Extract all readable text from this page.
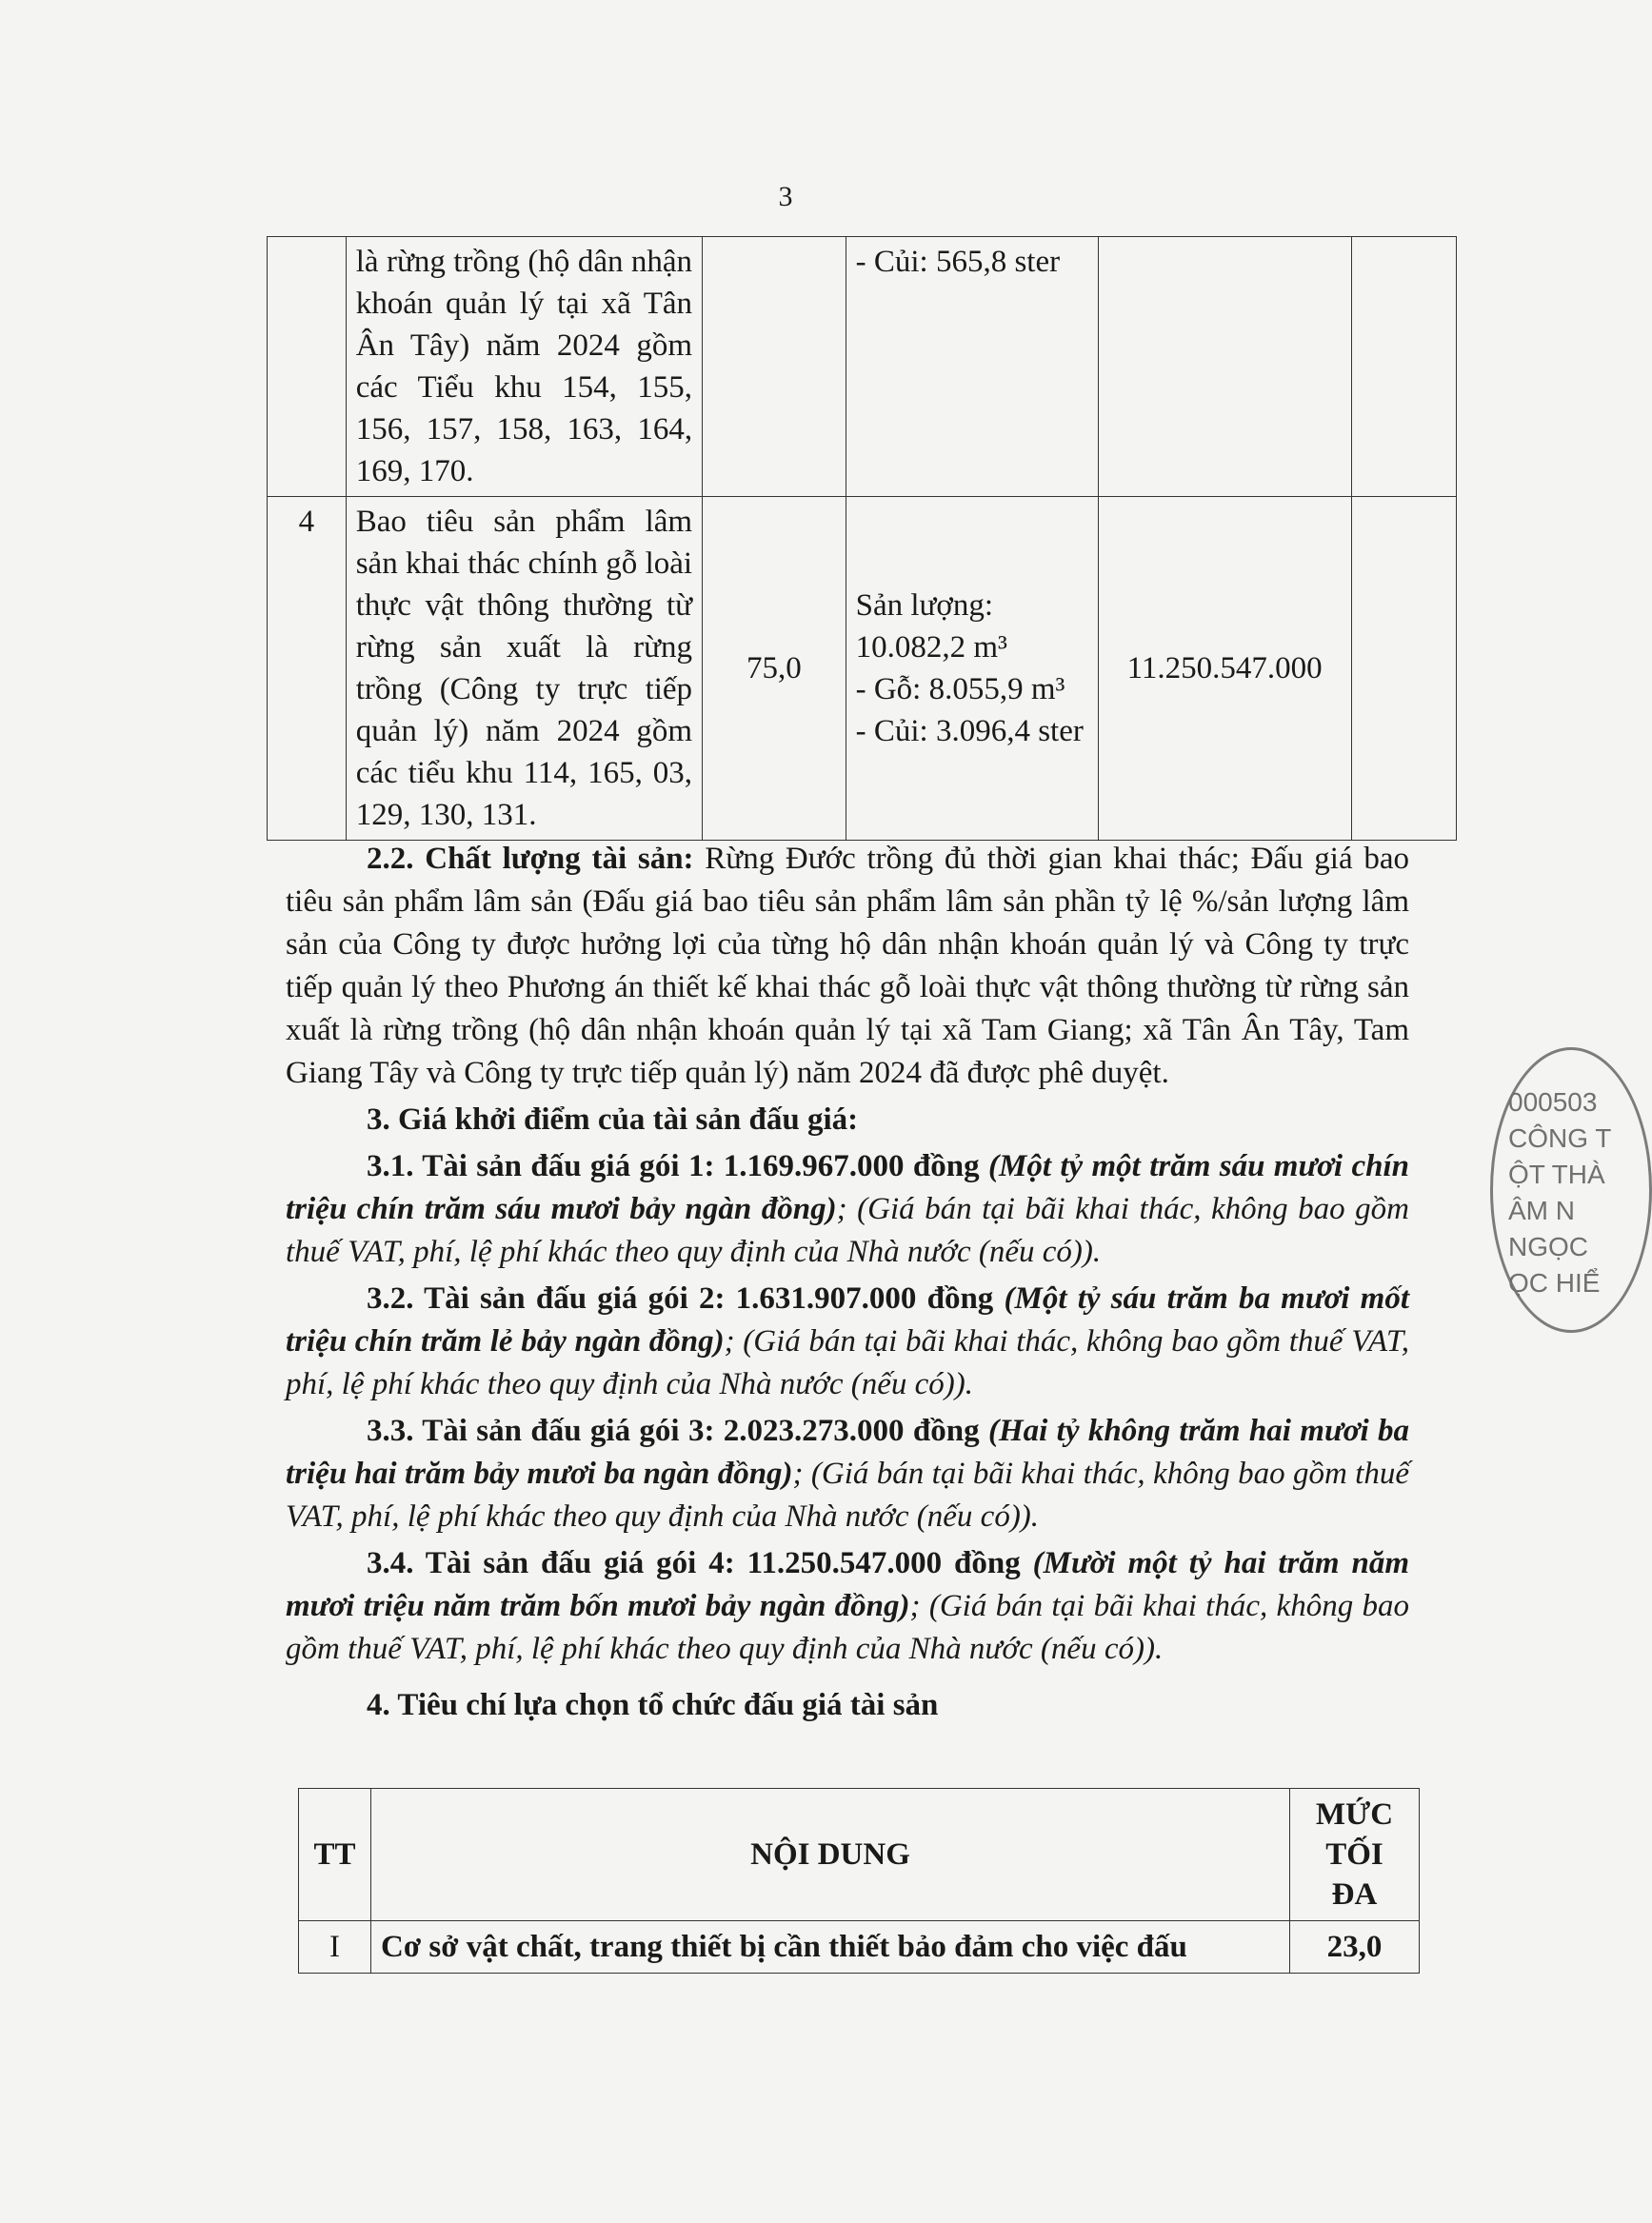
3
	là rừng trồng (hộ dân nhận khoán quản lý tại xã Tân Ân Tây) năm 2024 gồm các Tiểu khu 154, 155, 156, 157, 158, 163, 164, 169, 170.		- Củi: 565,8 ster		

4	Bao tiêu sản phẩm lâm sản khai thác chính gỗ loài thực vật thông thường từ rừng sản xuất là rừng trồng (Công ty trực tiếp quản lý) năm 2024 gồm các tiểu khu 114, 165, 03, 129, 130, 131.	75,0	Sản lượng: 10.082,2 m³
- Gỗ: 8.055,9 m³
- Củi: 3.096,4 ster	11.250.547.000	

2.2. Chất lượng tài sản: Rừng Đước trồng đủ thời gian khai thác; Đấu giá bao tiêu sản phẩm lâm sản (Đấu giá bao tiêu sản phẩm lâm sản phần tỷ lệ %/sản lượng lâm sản của Công ty được hưởng lợi của từng hộ dân nhận khoán quản lý và Công ty trực tiếp quản lý theo Phương án thiết kế khai thác gỗ loài thực vật thông thường từ rừng sản xuất là rừng trồng (hộ dân nhận khoán quản lý tại xã Tam Giang; xã Tân Ân Tây, Tam Giang Tây và Công ty trực tiếp quản lý) năm 2024 đã được phê duyệt.

3. Giá khởi điểm của tài sản đấu giá:

3.1. Tài sản đấu giá gói 1: 1.169.967.000 đồng (Một tỷ một trăm sáu mươi chín triệu chín trăm sáu mươi bảy ngàn đồng); (Giá bán tại bãi khai thác, không bao gồm thuế VAT, phí, lệ phí khác theo quy định của Nhà nước (nếu có)).

3.2. Tài sản đấu giá gói 2: 1.631.907.000 đồng (Một tỷ sáu trăm ba mươi mốt triệu chín trăm lẻ bảy ngàn đồng); (Giá bán tại bãi khai thác, không bao gồm thuế VAT, phí, lệ phí khác theo quy định của Nhà nước (nếu có)).

3.3. Tài sản đấu giá gói 3: 2.023.273.000 đồng (Hai tỷ không trăm hai mươi ba triệu hai trăm bảy mươi ba ngàn đồng); (Giá bán tại bãi khai thác, không bao gồm thuế VAT, phí, lệ phí khác theo quy định của Nhà nước (nếu có)).

3.4. Tài sản đấu giá gói 4: 11.250.547.000 đồng (Mười một tỷ hai trăm năm mươi triệu năm trăm bốn mươi bảy ngàn đồng); (Giá bán tại bãi khai thác, không bao gồm thuế VAT, phí, lệ phí khác theo quy định của Nhà nước (nếu có)).

4. Tiêu chí lựa chọn tổ chức đấu giá tài sản

TT	NỘI DUNG	MỨC TỐI ĐA
I	Cơ sở vật chất, trang thiết bị cần thiết bảo đảm cho việc đấu	23,0
000503
CÔNG T
ỘT THÀ
ÂM N
NGỌC
ỌC HIỂ
